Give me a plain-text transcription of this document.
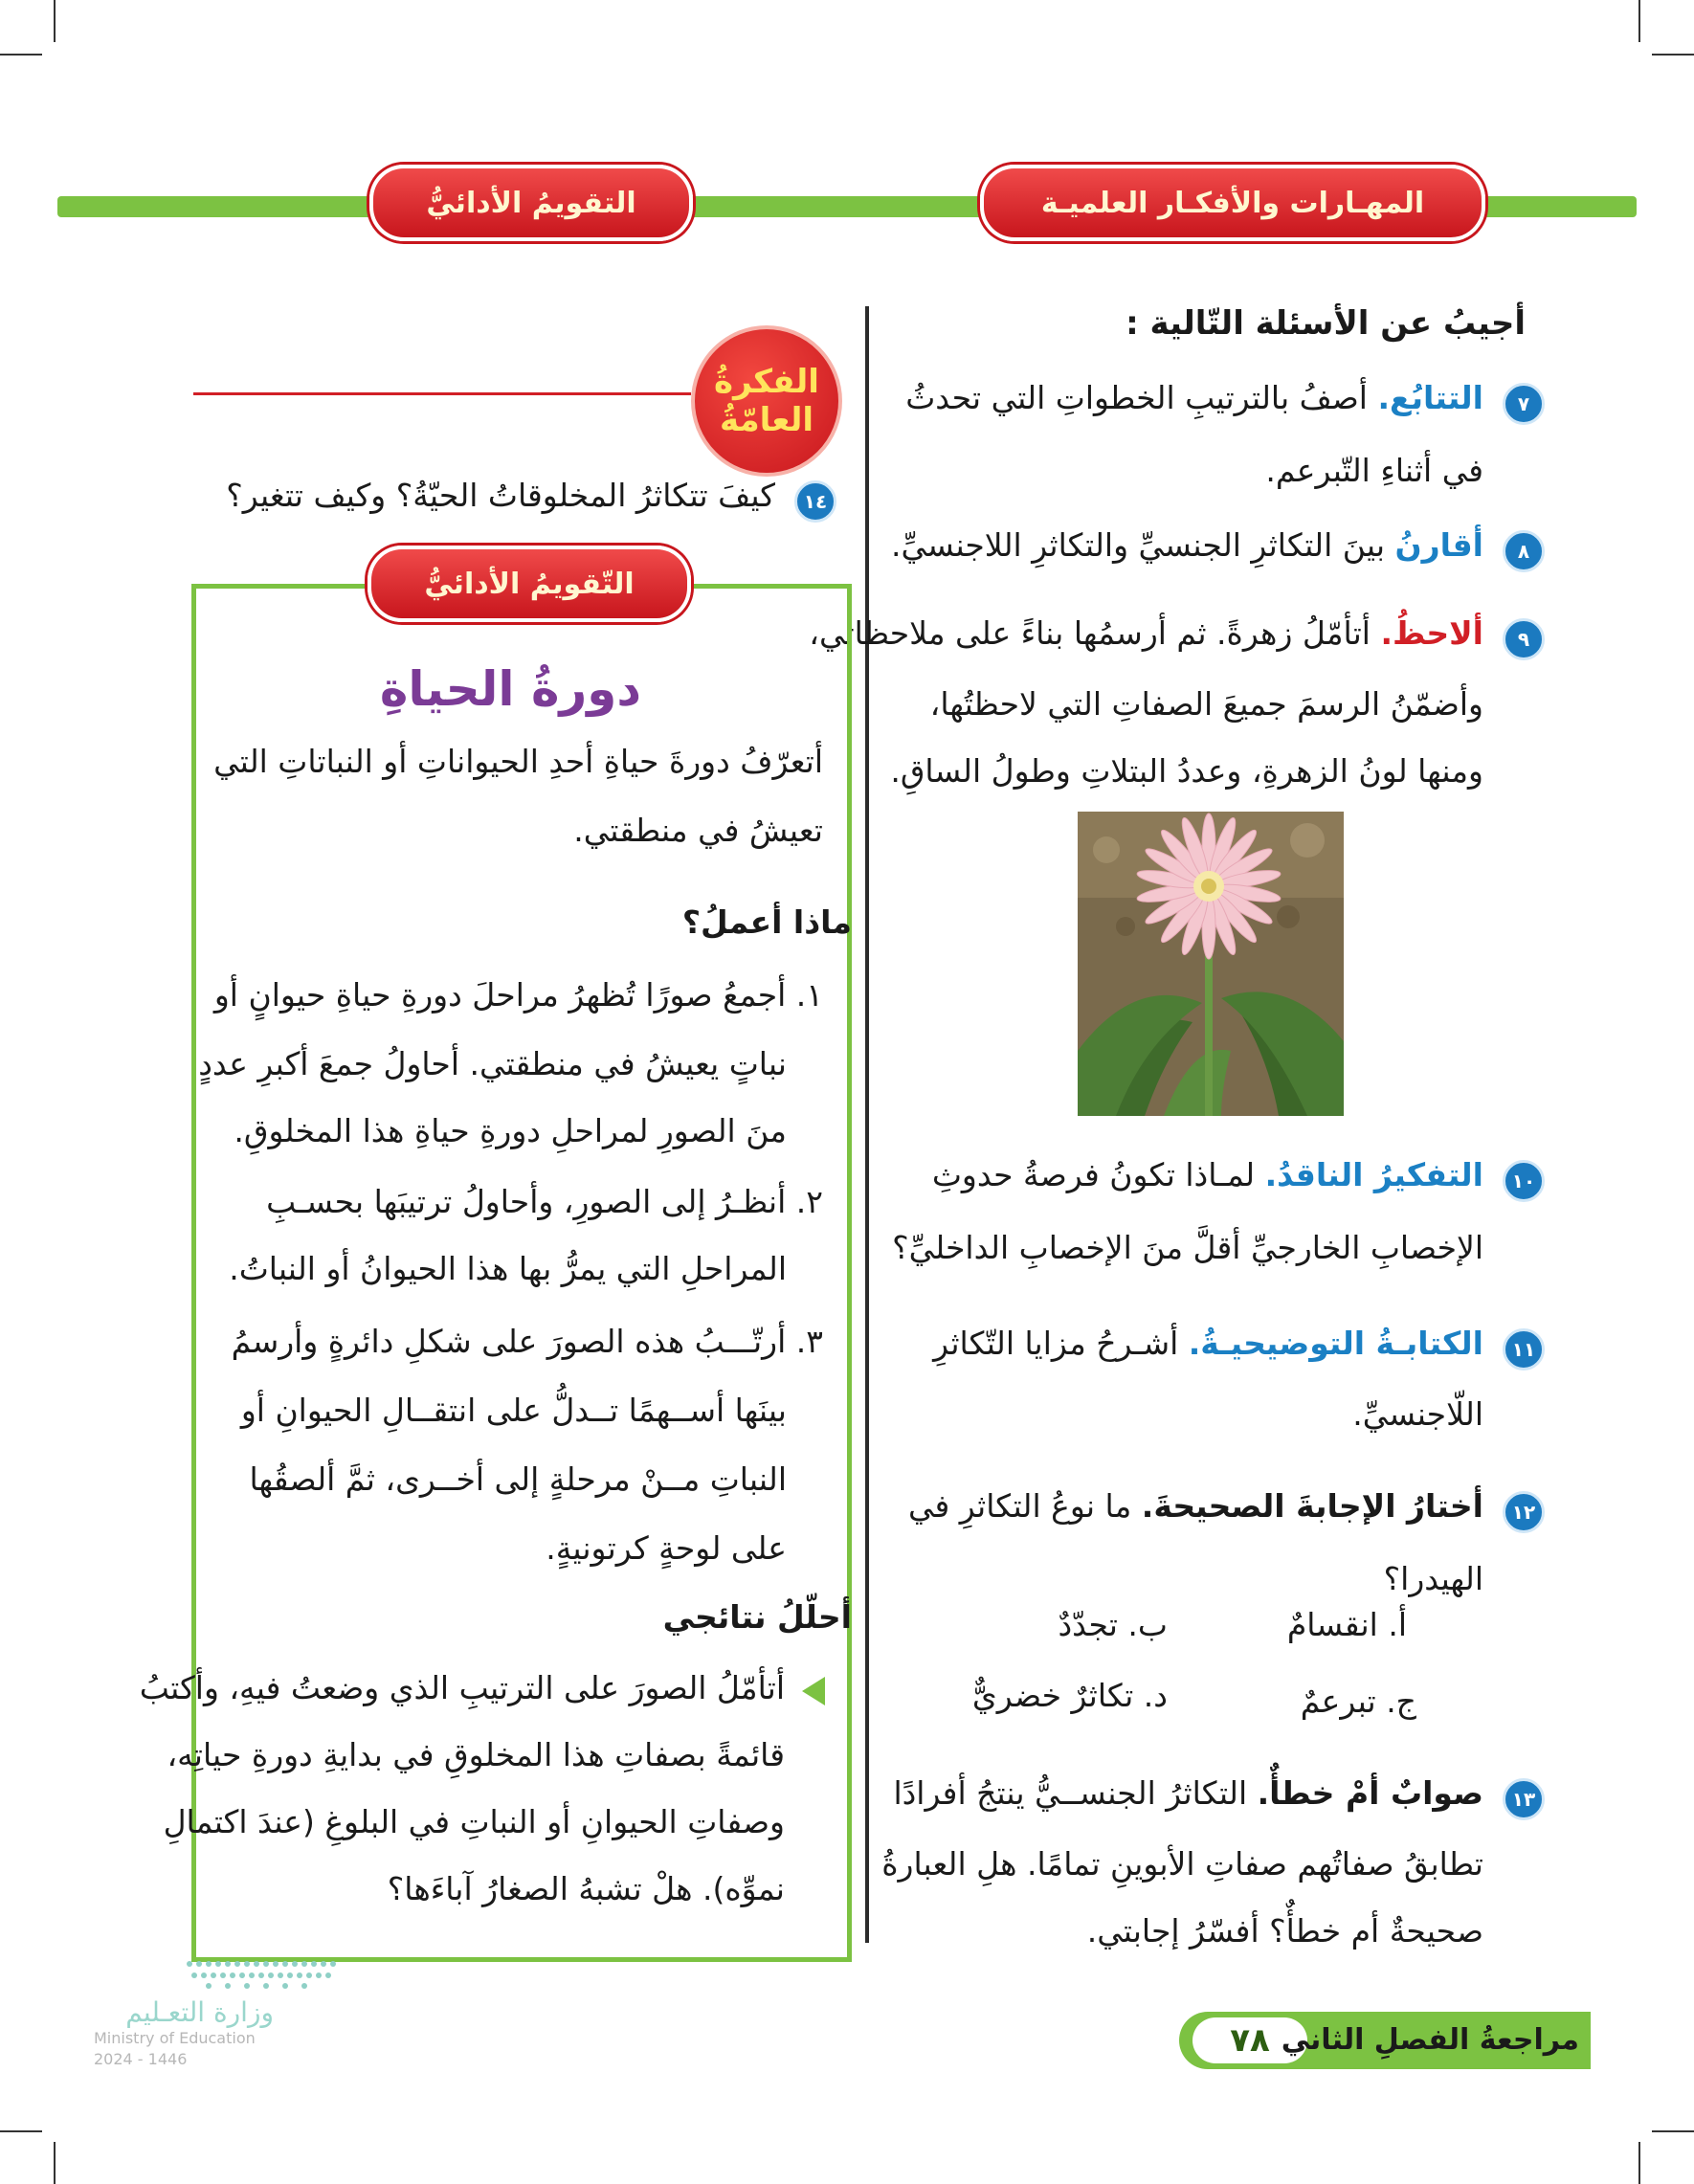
المهـارات والأفكـار العلميـة
التقويمُ الأدائيُّ
أجيبُ عن الأسئلة التّالية :
٧
التتابُع. أصفُ بالترتيبِ الخطواتِ التي تحدثُ
في أثناءِ التّبرعم.
٨
أقارنُ بينَ التكاثرِ الجنسيِّ والتكاثرِ اللاجنسيِّ.
٩
ألاحظُ. أتأمّلُ زهرةً. ثم أرسمُها بناءً على ملاحظاتي،
وأضمّنُ الرسمَ جميعَ الصفاتِ التي لاحظتُها،
ومنها لونُ الزهرةِ، وعددُ البتلاتِ وطولُ الساقِ.
١٠
التفكيرُ الناقدُ. لمـاذا تكونُ فرصةُ حدوثِ
الإخصابِ الخارجيِّ أقلَّ منَ الإخصابِ الداخليِّ؟
١١
الكتابـةُ التوضيحيـةُ. أشـرحُ مزايا التّكاثرِ
اللّاجنسيِّ.
١٢
أختارُ الإجابةَ الصحيحةَ. ما نوعُ التكاثرِ في
الهيدرا؟
أ. انقسامٌ
ب. تجدّدٌ
ج. تبرعمٌ
د. تكاثرٌ خضريٌّ
١٣
صوابٌ أمْ خطأٌ. التكاثرُ الجنســيُّ ينتجُ أفرادًا
تطابقُ صفاتُهم صفاتِ الأبوينِ تمامًا. هلِ العبارةُ
صحيحةٌ أم خطأٌ؟ أفسّرُ إجابتي.
الفكرةُ
العامّةُ
١٤
كيفَ تتكاثرُ المخلوقاتُ الحيّةُ؟ وكيف تتغير؟
التّقويمُ الأدائيُّ
دورةُ الحياةِ
أتعرّفُ دورةَ حياةِ أحدِ الحيواناتِ أو النباتاتِ التي
تعيشُ في منطقتي.
ماذا أعملُ؟
١. أجمعُ صورًا تُظهرُ مراحلَ دورةِ حياةِ حيوانٍ أو
نباتٍ يعيشُ في منطقتي. أحاولُ جمعَ أكبرِ عددٍ
منَ الصورِ لمراحلِ دورةِ حياةِ هذا المخلوقِ.
٢. أنظـرُ إلى الصورِ، وأحاولُ ترتيبَها بحسـبِ
المراحلِ التي يمرُّ بها هذا الحيوانُ أو النباتُ.
٣. أرتّـــبُ هذه الصورَ على شكلِ دائرةٍ وأرسمُ
بينَها أســهمًا تــدلُّ على انتقــالِ الحيوانِ أو
النباتِ مــنْ مرحلةٍ إلى أخــرى، ثمَّ ألصقُها
على لوحةٍ كرتونيةٍ.
أحلّلُ نتائجي
أتأمّلُ الصورَ على الترتيبِ الذي وضعتُ فيهِ، وأكتبُ
قائمةً بصفاتِ هذا المخلوقِ في بدايةِ دورةِ حياتِه،
وصفاتِ الحيوانِ أو النباتِ في البلوغِ (عندَ اكتمالِ
نموِّه). هلْ تشبهُ الصغارُ آباءَها؟
وزارة التعـليم
Ministry of Education
2024 - 1446	٧٨ مراجعةُ الفصلِ الثاني
